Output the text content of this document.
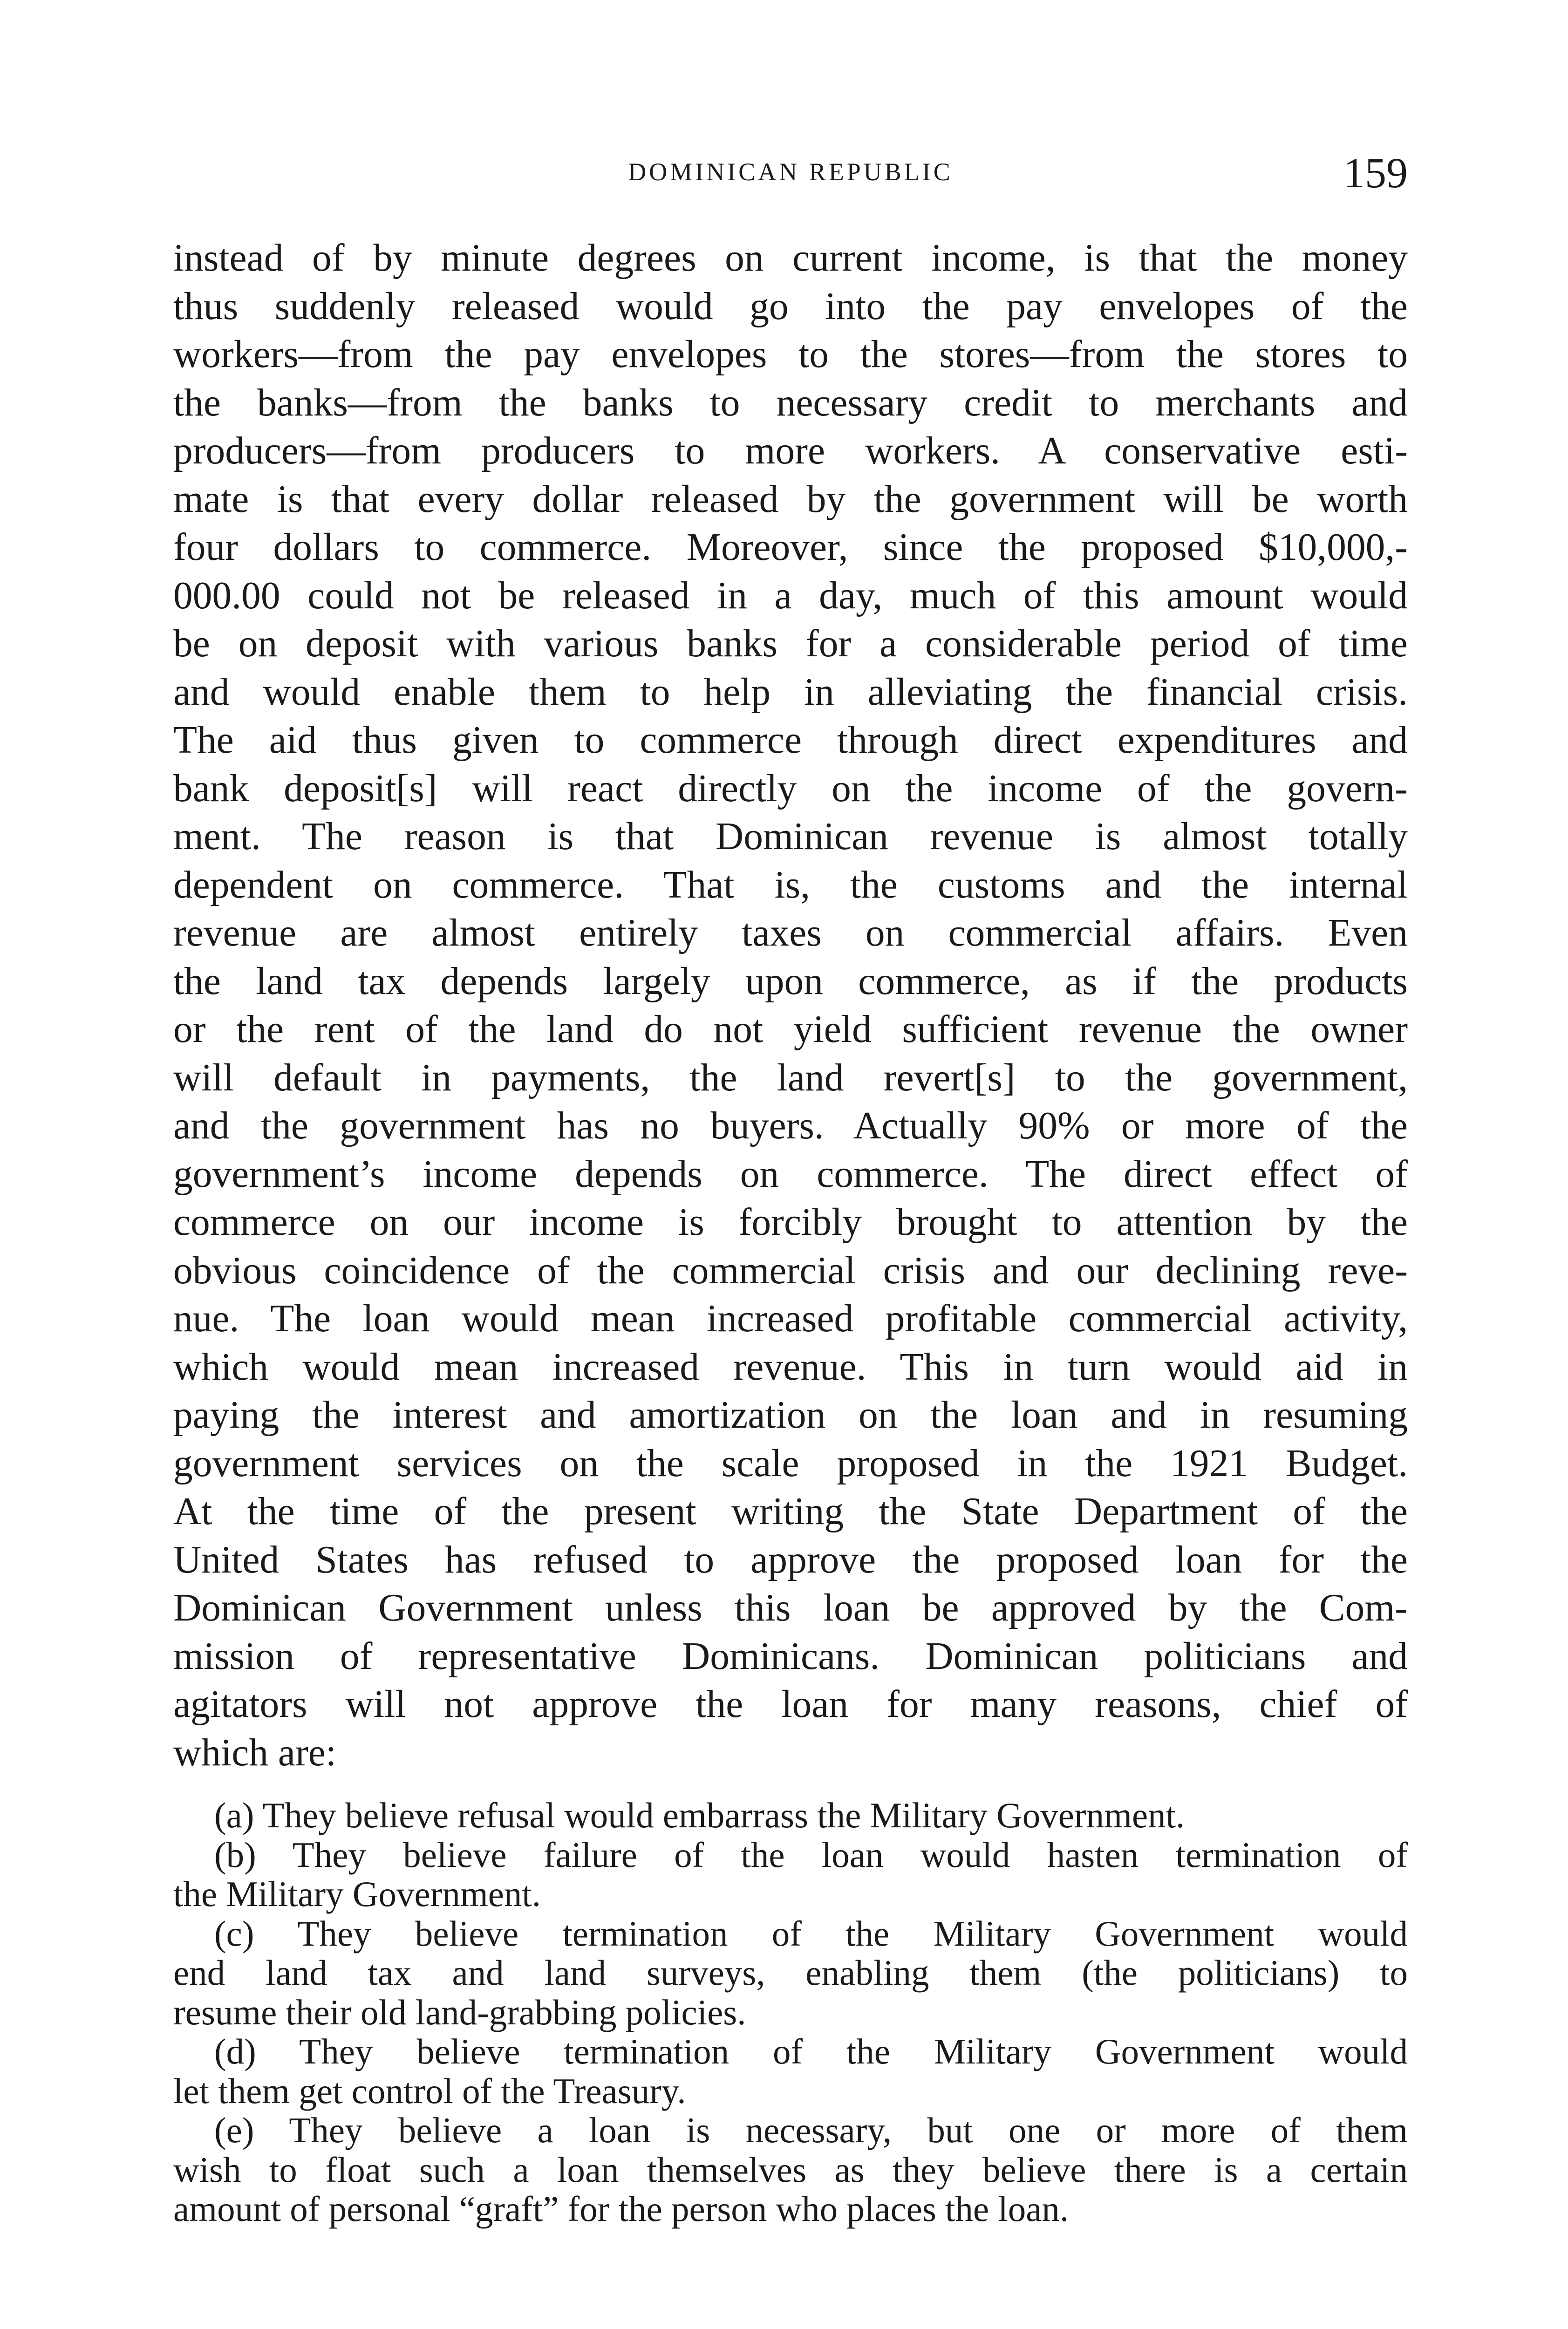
DOMINICAN REPUBLIC	159
instead of by minute degrees on current income, is that the money
thus suddenly released would go into the pay envelopes of the
workers—from the pay envelopes to the stores—from the stores to
the banks—from the banks to necessary credit to merchants and
producers—from producers to more workers. A conservative esti-
mate is that every dollar released by the government will be worth
four dollars to commerce. Moreover, since the proposed $10,000,-
000.00 could not be released in a day, much of this amount would
be on deposit with various banks for a considerable period of time
and would enable them to help in alleviating the financial crisis.
The aid thus given to commerce through direct expenditures and
bank deposit[s] will react directly on the income of the govern-
ment. The reason is that Dominican revenue is almost totally
dependent on commerce. That is, the customs and the internal
revenue are almost entirely taxes on commercial affairs. Even
the land tax depends largely upon commerce, as if the products
or the rent of the land do not yield sufficient revenue the owner
will default in payments, the land revert[s] to the government,
and the government has no buyers. Actually 90% or more of the
government’s income depends on commerce. The direct effect of
commerce on our income is forcibly brought to attention by the
obvious coincidence of the commercial crisis and our declining reve-
nue. The loan would mean increased profitable commercial activity,
which would mean increased revenue. This in turn would aid in
paying the interest and amortization on the loan and in resuming
government services on the scale proposed in the 1921 Budget.
At the time of the present writing the State Department of the
United States has refused to approve the proposed loan for the
Dominican Government unless this loan be approved by the Com-
mission of representative Dominicans. Dominican politicians and
agitators will not approve the loan for many reasons, chief of
which are:
(a) They believe refusal would embarrass the Military Government.
(b) They believe failure of the loan would hasten termination of
the Military Government.
(c) They believe termination of the Military Government would
end land tax and land surveys, enabling them (the politicians) to
resume their old land-grabbing policies.
(d) They believe termination of the Military Government would
let them get control of the Treasury.
(e) They believe a loan is necessary, but one or more of them
wish to float such a loan themselves as they believe there is a certain
amount of personal “graft” for the person who places the loan.
